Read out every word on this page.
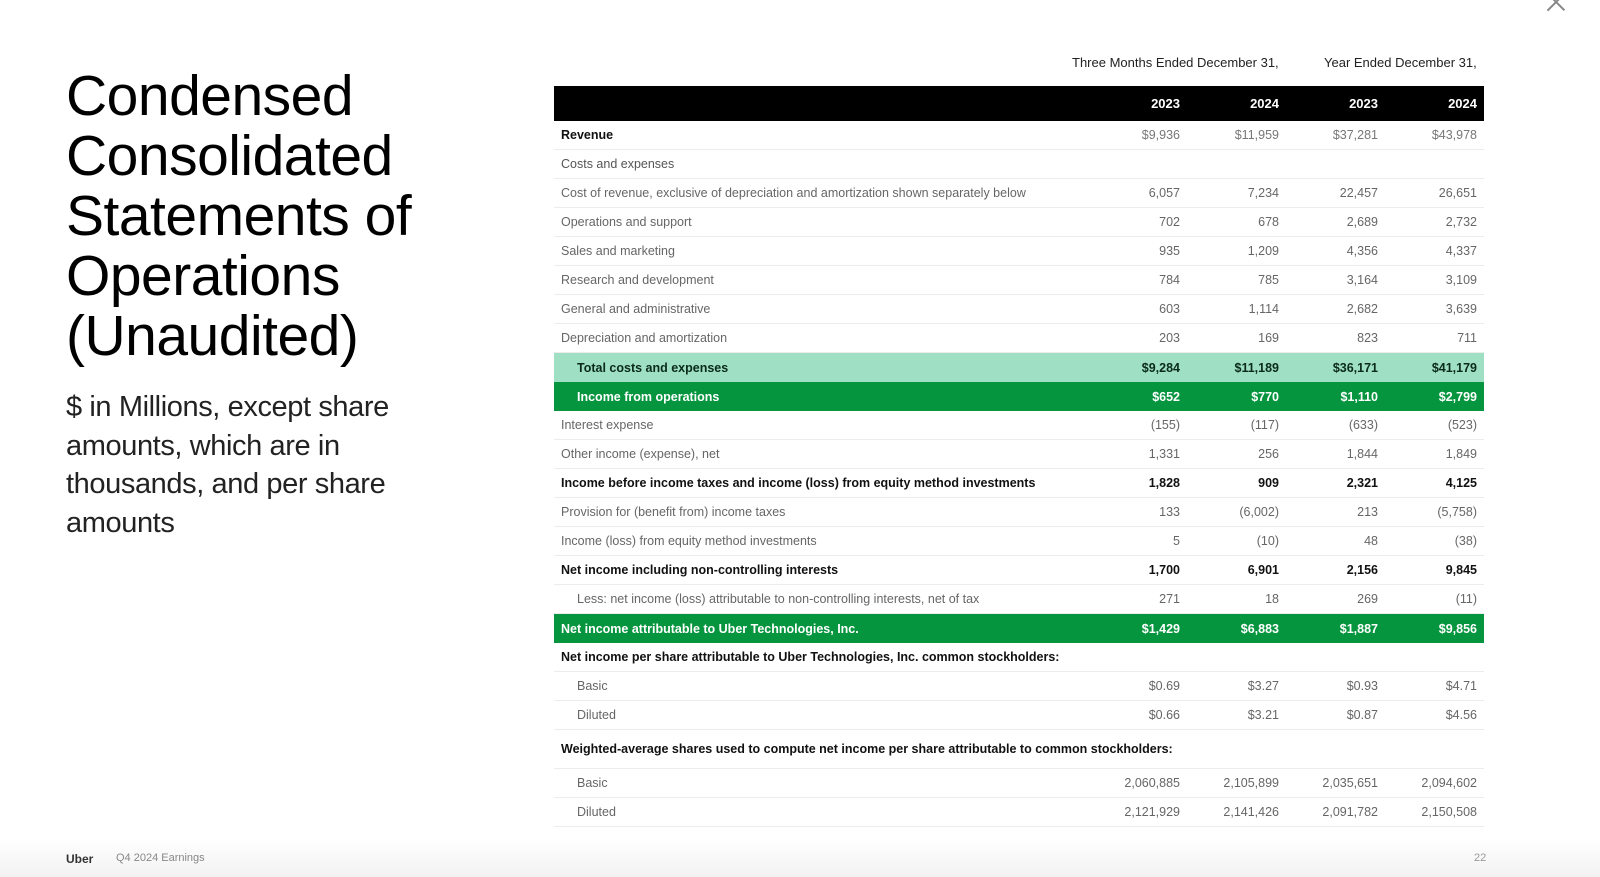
Condensed
Consolidated
Statements of
Operations
(Unaudited)

$ in Millions, except share amounts, which are in thousands, and per share amounts

Three Months Ended December 31,	Year Ended December 31,
2023	2024	2023	2024
Revenue	$9,936	$11,959	$37,281	$43,978
Costs and expenses
Cost of revenue, exclusive of depreciation and amortization shown separately below	6,057	7,234	22,457	26,651
Operations and support	702	678	2,689	2,732
Sales and marketing	935	1,209	4,356	4,337
Research and development	784	785	3,164	3,109
General and administrative	603	1,114	2,682	3,639
Depreciation and amortization	203	169	823	711
Total costs and expenses	$9,284	$11,189	$36,171	$41,179
Income from operations	$652	$770	$1,110	$2,799
Interest expense	(155)	(117)	(633)	(523)
Other income (expense), net	1,331	256	1,844	1,849
Income before income taxes and income (loss) from equity method investments	1,828	909	2,321	4,125
Provision for (benefit from) income taxes	133	(6,002)	213	(5,758)
Income (loss) from equity method investments	5	(10)	48	(38)
Net income including non-controlling interests	1,700	6,901	2,156	9,845
Less: net income (loss) attributable to non-controlling interests, net of tax	271	18	269	(11)
Net income attributable to Uber Technologies, Inc.	$1,429	$6,883	$1,887	$9,856
Net income per share attributable to Uber Technologies, Inc. common stockholders:
Basic	$0.69	$3.27	$0.93	$4.71
Diluted	$0.66	$3.21	$0.87	$4.56
Weighted-average shares used to compute net income per share attributable to common stockholders:
Basic	2,060,885	2,105,899	2,035,651	2,094,602
Diluted	2,121,929	2,141,426	2,091,782	2,150,508
Uber Q4 2024 Earnings	22
